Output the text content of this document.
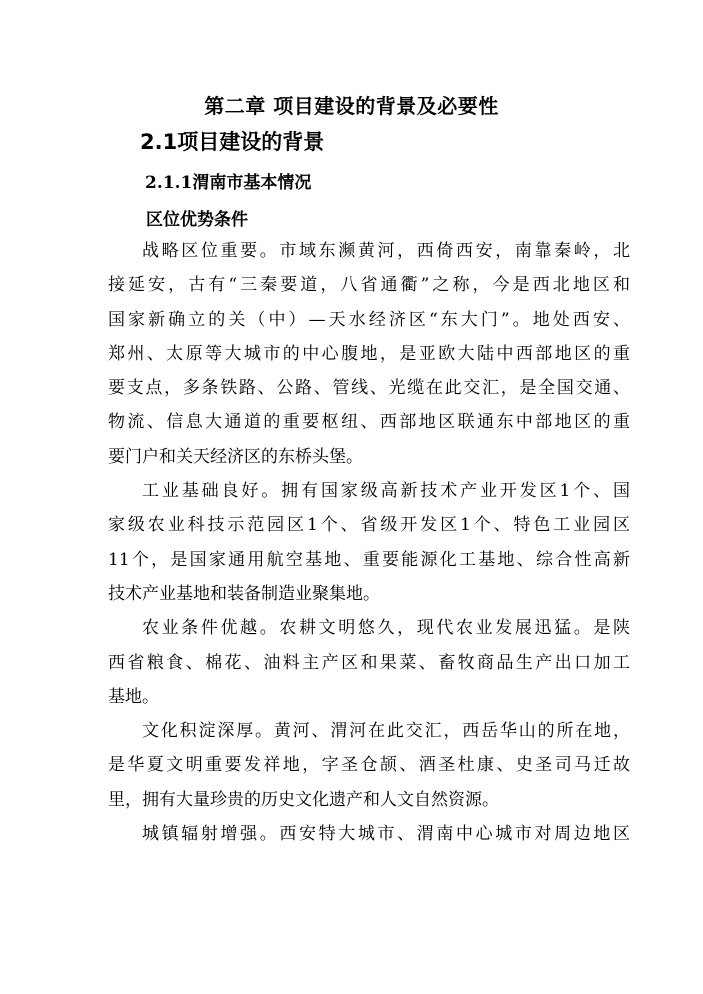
第二章 项目建设的背景及必要性
2.1项目建设的背景
2.1.1渭南市基本情况
区位优势条件

战略区位重要。市域东濒黄河，西倚西安，南靠秦岭，北
接延安，古有“三秦要道，八省通衢”之称，今是西北地区和
国家新确立的关（中）—天水经济区“东大门”。地处西安、
郑州、太原等大城市的中心腹地，是亚欧大陆中西部地区的重
要支点，多条铁路、公路、管线、光缆在此交汇，是全国交通、
物流、信息大通道的重要枢纽、西部地区联通东中部地区的重
要门户和关天经济区的东桥头堡。

工业基础良好。拥有国家级高新技术产业开发区1个、国
家级农业科技示范园区1个、省级开发区1个、特色工业园区
11个，是国家通用航空基地、重要能源化工基地、综合性高新
技术产业基地和装备制造业聚集地。

农业条件优越。农耕文明悠久，现代农业发展迅猛。是陕
西省粮食、棉花、油料主产区和果菜、畜牧商品生产出口加工
基地。

文化积淀深厚。黄河、渭河在此交汇，西岳华山的所在地，
是华夏文明重要发祥地，字圣仓颉、酒圣杜康、史圣司马迁故
里，拥有大量珍贵的历史文化遗产和人文自然资源。

城镇辐射增强。西安特大城市、渭南中心城市对周边地区
